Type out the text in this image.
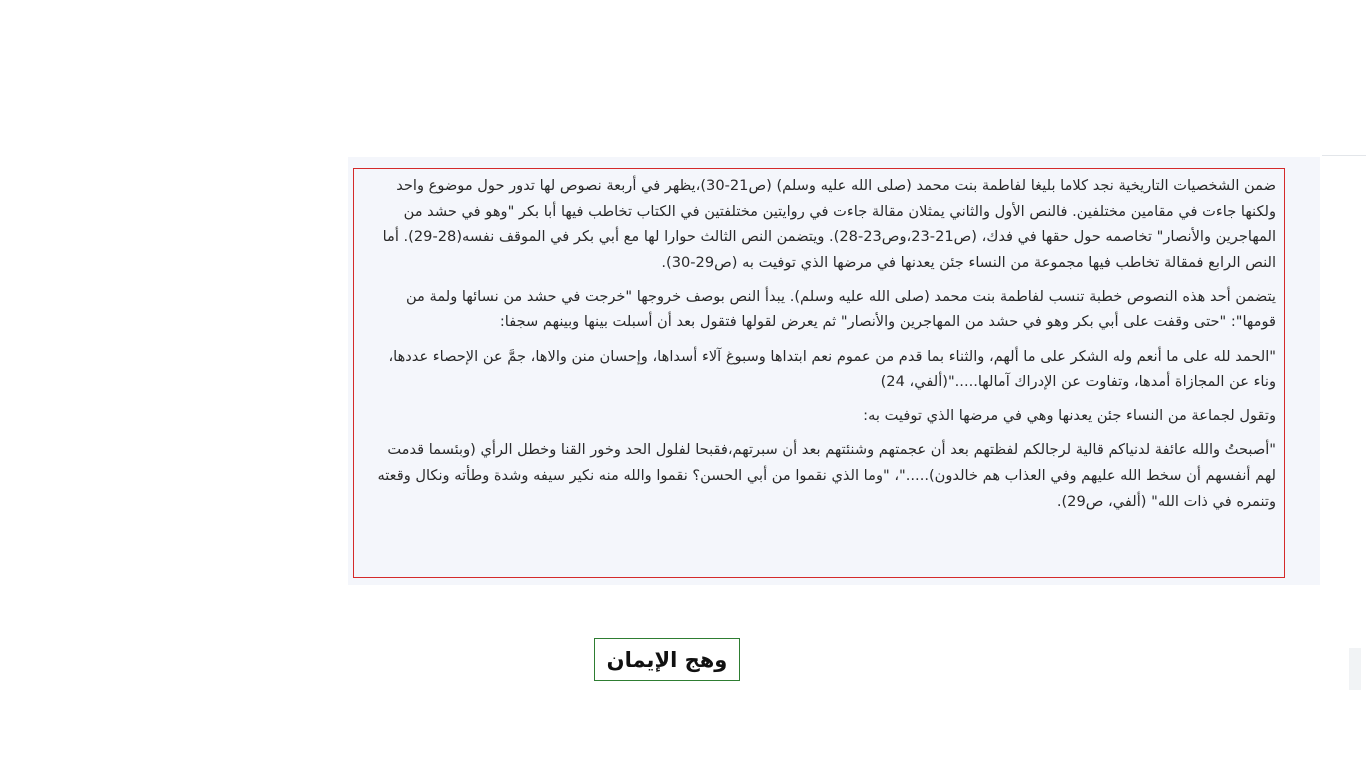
ضمن الشخصيات التاريخية نجد كلاما بليغا لفاطمة بنت محمد (صلى الله عليه وسلم) (ص21-30)،يظهر في أربعة نصوص لها تدور حول موضوع واحد ولكنها جاءت في مقامين مختلفين. فالنص الأول والثاني يمثلان مقالة جاءت في روايتين مختلفتين في الكتاب تخاطب فيها أبا بكر "وهو في حشد من المهاجرين والأنصار" تخاصمه حول حقها في فدك، (ص21-23،وص23-28). ويتضمن النص الثالث حوارا لها مع أبي بكر في الموقف نفسه(28-29). أما النص الرابع فمقالة تخاطب فيها مجموعة من النساء جئن يعدنها في مرضها الذي توفيت به (ص29-30).

يتضمن أحد هذه النصوص خطبة تنسب لفاطمة بنت محمد (صلى الله عليه وسلم). يبدأ النص بوصف خروجها "خرجت في حشد من نسائها ولمة من قومها": "حتى وقفت على أبي بكر وهو في حشد من المهاجرين والأنصار" ثم يعرض لقولها فتقول بعد أن أسبلت بينها وبينهم سجفا:

"الحمد لله على ما أنعم وله الشكر على ما ألهم، والثناء بما قدم من عموم نعم ابتداها وسبوغ آلاء أسداها، وإحسان منن والاها، جمَّ عن الإحصاء عددها، وناء عن المجازاة أمدها، وتفاوت عن الإدراك آمالها....."(ألفي، 24)

وتقول لجماعة من النساء جئن يعدنها وهي في مرضها الذي توفيت به:

"أصبحتُ والله عائفة لدنياكم قالية لرجالكم لفظتهم بعد أن عجمتهم وشنئتهم بعد أن سبرتهم،فقبحا لفلول الحد وخور القنا وخطل الرأي (وبئسما قدمت لهم أنفسهم أن سخط الله عليهم وفي العذاب هم خالدون)....."، "وما الذي نقموا من أبي الحسن؟ نقموا والله منه نكير سيفه وشدة وطأته ونكال وقعته وتنمره في ذات الله" (ألفي، ص29).

وهج الإيمان
